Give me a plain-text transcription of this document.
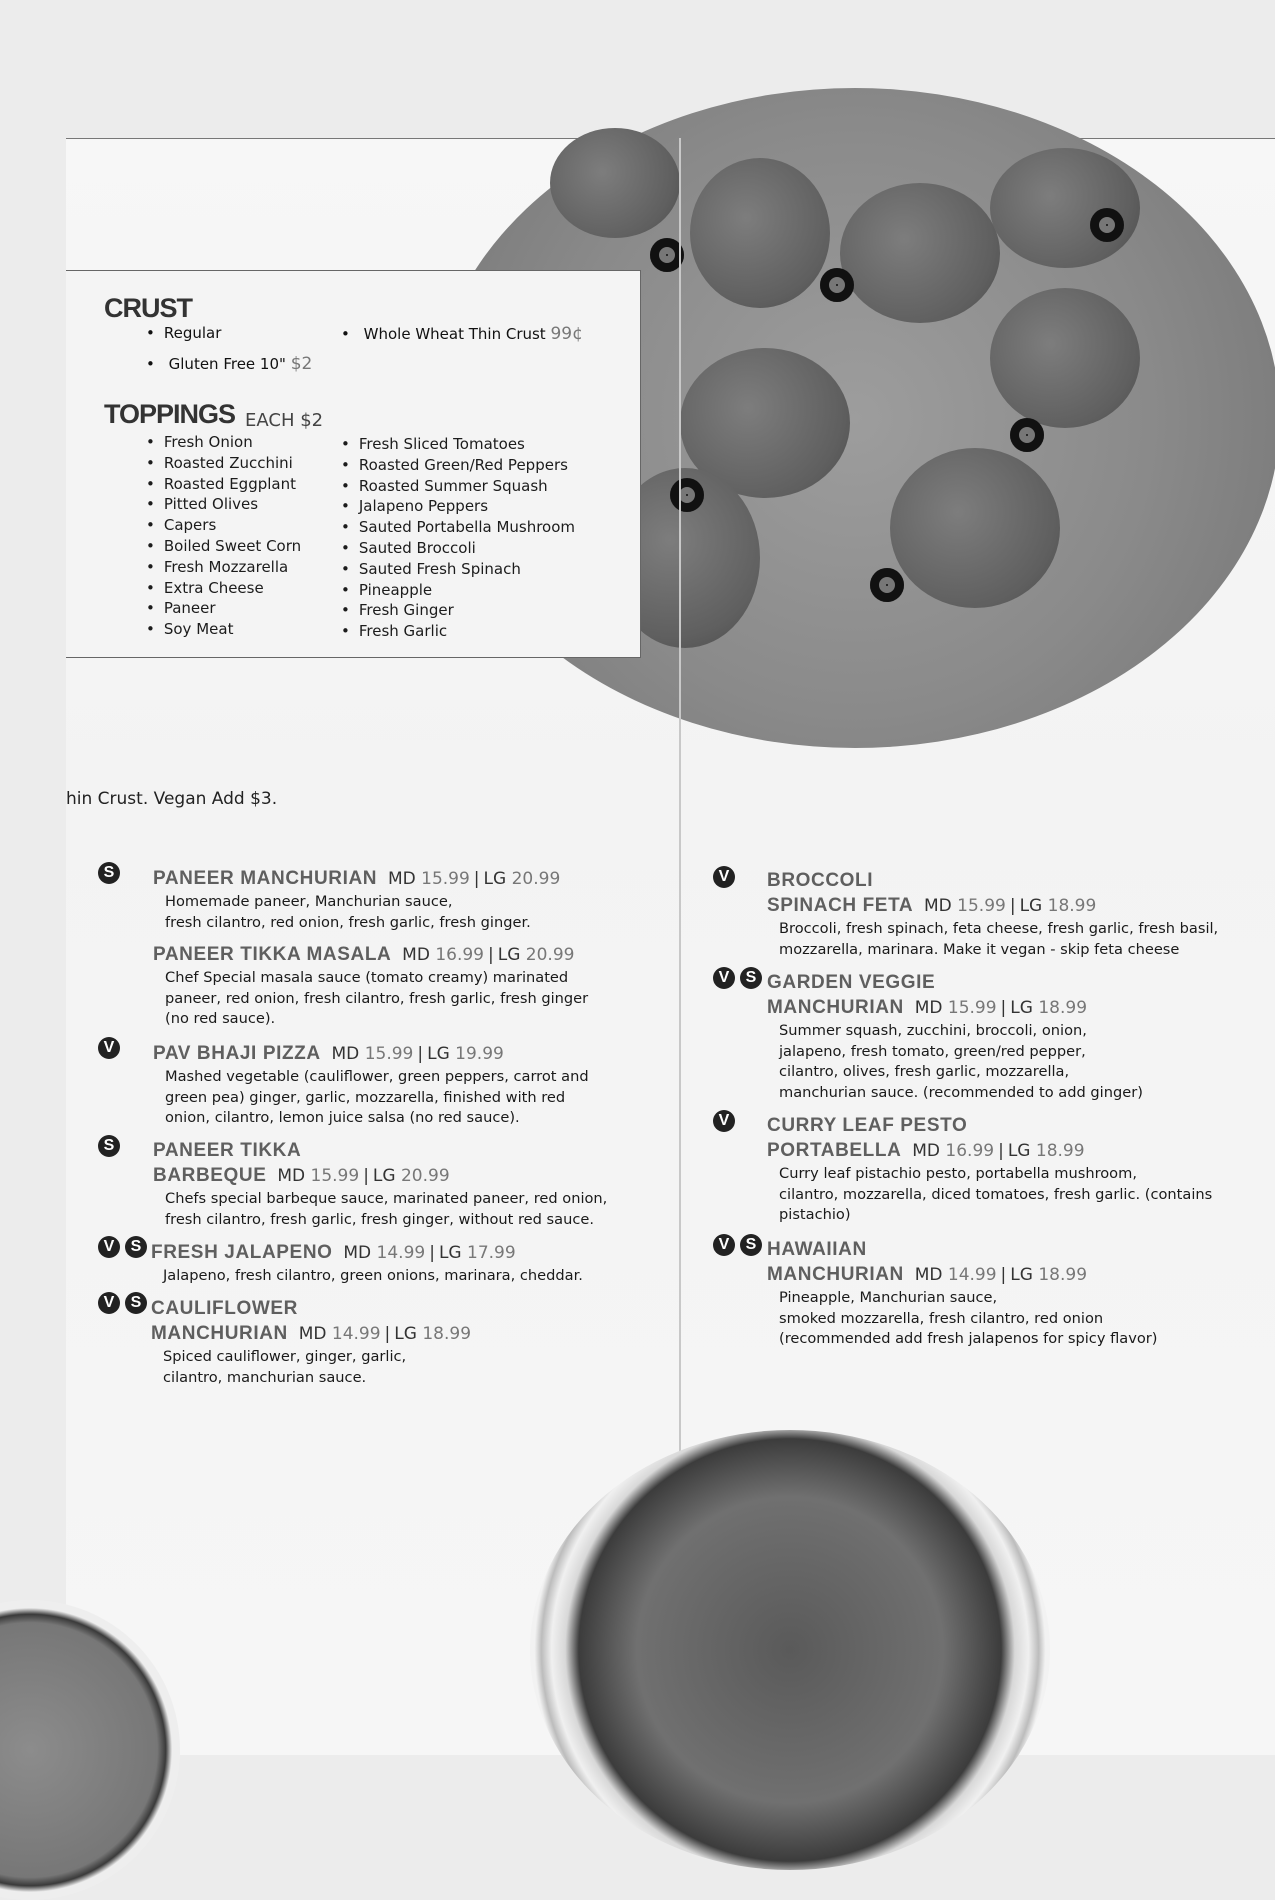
CRUST
• Regular
•	Whole Wheat Thin Crust 99¢
• Gluten Free 10" $2
TOPPINGS EACH $2
• Fresh Onion
• Roasted Zucchini
• Roasted Eggplant
• Pitted Olives
• Capers
• Boiled Sweet Corn
• Fresh Mozzarella
• Extra Cheese
• Paneer
• Soy Meat
• Fresh Sliced Tomatoes
• Roasted Green/Red Peppers
• Roasted Summer Squash
• Jalapeno Peppers
• Sauted Portabella Mushroom
• Sauted Broccoli
• Sauted Fresh Spinach
• Pineapple
• Fresh Ginger
• Fresh Garlic
hin Crust. Vegan Add $3.
S PANEER MANCHURIAN MD 15.99 | LG 20.99
Homemade paneer, Manchurian sauce,
fresh cilantro, red onion, fresh garlic, fresh ginger.
PANEER TIKKA MASALA MD 16.99 | LG 20.99
Chef Special masala sauce (tomato creamy) marinated
paneer, red onion, fresh cilantro, fresh garlic, fresh ginger
(no red sauce).
V PAV BHAJI PIZZA MD 15.99 | LG 19.99
Mashed vegetable (cauliflower, green peppers, carrot and
green pea) ginger, garlic, mozzarella, finished with red
onion, cilantro, lemon juice salsa (no red sauce).
S PANEER TIKKA
BARBEQUE MD 15.99 | LG 20.99
Chefs special barbeque sauce, marinated paneer, red onion,
fresh cilantro, fresh garlic, fresh ginger, without red sauce.
V	S FRESH JALAPENO MD 14.99 | LG 17.99
Jalapeno, fresh cilantro, green onions, marinara, cheddar.
V	S CAULIFLOWER
MANCHURIAN MD 14.99 | LG 18.99
Spiced cauliflower, ginger, garlic,
cilantro, manchurian sauce.
V BROCCOLI
SPINACH FETA MD 15.99 | LG 18.99
Broccoli, fresh spinach, feta cheese, fresh garlic, fresh basil,
mozzarella, marinara. Make it vegan - skip feta cheese
V	S GARDEN VEGGIE
MANCHURIAN MD 15.99 | LG 18.99
Summer squash, zucchini, broccoli, onion,
jalapeno, fresh tomato, green/red pepper,
cilantro, olives, fresh garlic, mozzarella,
manchurian sauce. (recommended to add ginger)
V CURRY LEAF PESTO
PORTABELLA MD 16.99 | LG 18.99
Curry leaf pistachio pesto, portabella mushroom,
cilantro, mozzarella, diced tomatoes, fresh garlic. (contains
pistachio)
V	S HAWAIIAN
MANCHURIAN MD 14.99 | LG 18.99
Pineapple, Manchurian sauce,
smoked mozzarella, fresh cilantro, red onion
(recommended add fresh jalapenos for spicy flavor)
